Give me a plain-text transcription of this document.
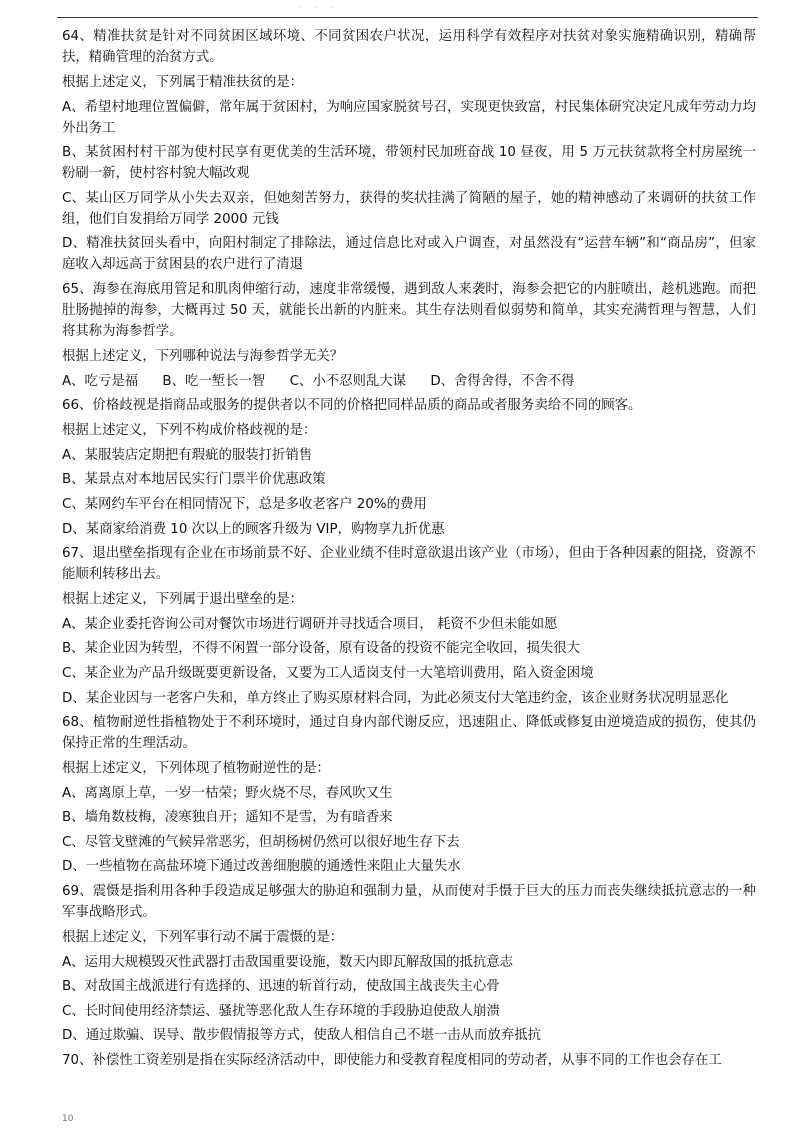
· · ·

64、精准扶贫是针对不同贫困区域环境、不同贫困农户状况，运用科学有效程序对扶贫对象实施精确识别，精确帮扶，精确管理的治贫方式。

根据上述定义，下列属于精准扶贫的是：

A、希望村地理位置偏僻，常年属于贫困村，为响应国家脱贫号召，实现更快致富，村民集体研究决定凡成年劳动力均外出务工

B、某贫困村村干部为使村民享有更优美的生活环境，带领村民加班奋战 10 昼夜，用 5 万元扶贫款将全村房屋统一粉刷一新，使村容村貌大幅改观

C、某山区万同学从小失去双亲，但她刻苦努力，获得的奖状挂满了简陋的屋子，她的精神感动了来调研的扶贫工作组，他们自发捐给万同学 2000 元钱

D、精准扶贫回头看中，向阳村制定了排除法，通过信息比对或入户调查，对虽然没有“运营车辆”和“商品房”，但家庭收入却远高于贫困县的农户进行了清退

65、海参在海底用管足和肌肉伸缩行动，速度非常缓慢，遇到敌人来袭时，海参会把它的内脏喷出，趁机逃跑。而把肚肠抛掉的海参，大概再过 50 天，就能长出新的内脏来。其生存法则看似弱势和简单，其实充满哲理与智慧，人们将其称为海参哲学。

根据上述定义，下列哪种说法与海参哲学无关？

A、吃亏是福 B、吃一堑长一智 C、小不忍则乱大谋 D、舍得舍得，不舍不得

66、价格歧视是指商品或服务的提供者以不同的价格把同样品质的商品或者服务卖给不同的顾客。

根据上述定义，下列不构成价格歧视的是：

A、某服装店定期把有瑕疵的服装打折销售

B、某景点对本地居民实行门票半价优惠政策

C、某网约车平台在相同情况下，总是多收老客户 20%的费用

D、某商家给消费 10 次以上的顾客升级为 VIP，购物享九折优惠

67、退出壁垒指现有企业在市场前景不好、企业业绩不佳时意欲退出该产业（市场），但由于各种因素的阻挠，资源不能顺利转移出去。

根据上述定义，下列属于退出壁垒的是：

A、某企业委托咨询公司对餐饮市场进行调研并寻找适合项目， 耗资不少但未能如愿

B、某企业因为转型，不得不闲置一部分设备，原有设备的投资不能完全收回，损失很大

C、某企业为产品升级既要更新设备，又要为工人适岗支付一大笔培训费用，陷入资金困境

D、某企业因与一老客户失和，单方终止了购买原材料合同，为此必须支付大笔违约金，该企业财务状况明显恶化

68、植物耐逆性指植物处于不利环境时，通过自身内部代谢反应，迅速阻止、降低或修复由逆境造成的损伤，使其仍保持正常的生理活动。

根据上述定义，下列体现了植物耐逆性的是：

A、离离原上草，一岁一枯荣；野火烧不尽，春风吹又生

B、墙角数枝梅，凌寒独自开；遥知不是雪，为有暗香来

C、尽管戈壁滩的气候异常恶劣，但胡杨树仍然可以很好地生存下去

D、一些植物在高盐环境下通过改善细胞膜的通透性来阻止大量失水

69、震慑是指利用各种手段造成足够强大的胁迫和强制力量，从而使对手慑于巨大的压力而丧失继续抵抗意志的一种军事战略形式。

根据上述定义，下列军事行动不属于震慑的是：

A、运用大规模毁灭性武器打击敌国重要设施，数天内即瓦解敌国的抵抗意志

B、对敌国主战派进行有选择的、迅速的斩首行动，使敌国主战丧失主心骨

C、长时间使用经济禁运、骚扰等恶化敌人生存环境的手段胁迫使敌人崩溃

D、通过欺骗、误导、散步假情报等方式，使敌人相信自己不堪一击从而放弃抵抗

70、补偿性工资差别是指在实际经济活动中，即使能力和受教育程度相同的劳动者，从事不同的工作也会存在工

10
